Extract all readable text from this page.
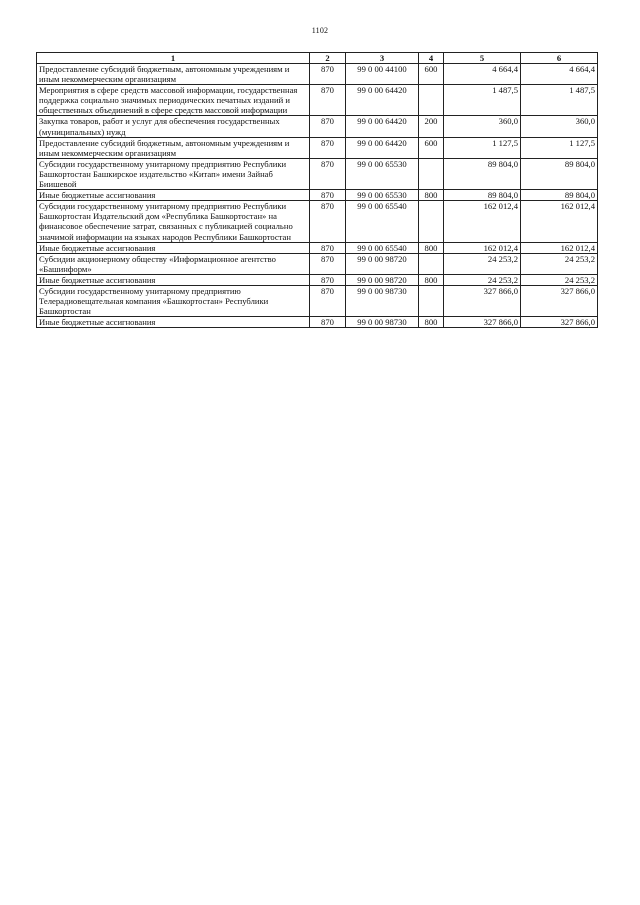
1102
1	2	3	4	5	6
Предоставление субсидий бюджетным, автономным учреждениям и иным некоммерческим организациям	870	99 0 00 44100	600	4 664,4	4 664,4
Мероприятия в сфере средств массовой информации, государственная поддержка социально значимых периодических печатных изданий и общественных объединений в сфере средств массовой информации	870	99 0 00 64420		1 487,5	1 487,5
Закупка товаров, работ и услуг для обеспечения государственных (муниципальных) нужд	870	99 0 00 64420	200	360,0	360,0
Предоставление субсидий бюджетным, автономным учреждениям и иным некоммерческим организациям	870	99 0 00 64420	600	1 127,5	1 127,5
Субсидии государственному унитарному предприятию Республики Башкортостан Башкирское издательство «Китап» имени Зайнаб Биишевой	870	99 0 00 65530		89 804,0	89 804,0
Иные бюджетные ассигнования	870	99 0 00 65530	800	89 804,0	89 804,0
Субсидии государственному унитарному предприятию Республики Башкортостан Издательский дом «Республика Башкортостан» на финансовое обеспечение затрат, связанных с публикацией социально значимой информации на языках народов Республики Башкортостан	870	99 0 00 65540		162 012,4	162 012,4
Иные бюджетные ассигнования	870	99 0 00 65540	800	162 012,4	162 012,4
Субсидии акционерному обществу «Информационное агентство «Башинформ»	870	99 0 00 98720		24 253,2	24 253,2
Иные бюджетные ассигнования	870	99 0 00 98720	800	24 253,2	24 253,2
Субсидии государственному унитарному предприятию Телерадиовещательная компания «Башкортостан» Республики Башкортостан	870	99 0 00 98730		327 866,0	327 866,0
Иные бюджетные ассигнования	870	99 0 00 98730	800	327 866,0	327 866,0
